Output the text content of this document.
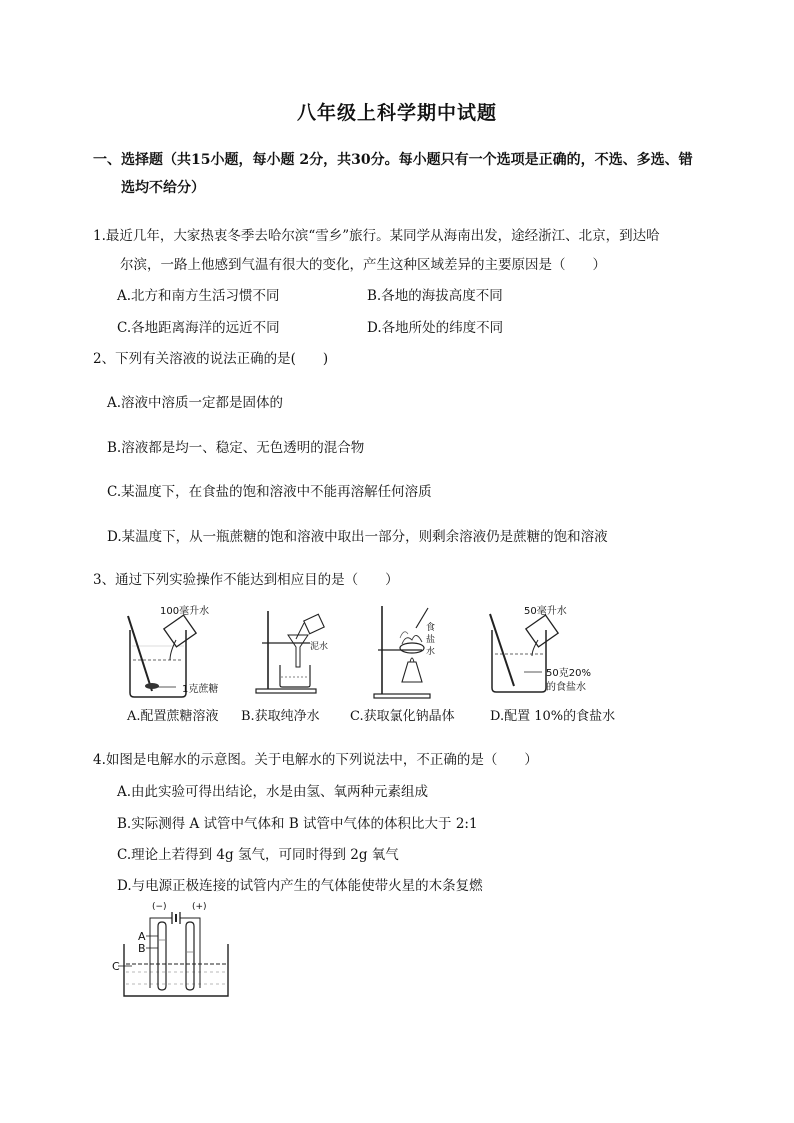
八年级上科学期中试题
一、选择题（共15小题，每小题 2分，共30分。每小题只有一个选项是正确的，不选、多选、错
选均不给分）
1.最近几年，大家热衷冬季去哈尔滨“雪乡”旅行。某同学从海南出发，途经浙江、北京，到达哈
尔滨，一路上他感到气温有很大的变化，产生这种区域差异的主要原因是（　　）
A.北方和南方生活习惯不同	B.各地的海拔高度不同
C.各地距离海洋的远近不同	D.各地所处的纬度不同
2、下列有关溶液的说法正确的是(　　)
A.溶液中溶质一定都是固体的
B.溶液都是均一、稳定、无色透明的混合物
C.某温度下，在食盐的饱和溶液中不能再溶解任何溶质
D.某温度下，从一瓶蔗糖的饱和溶液中取出一部分，则剩余溶液仍是蔗糖的饱和溶液
3、通过下列实验操作不能达到相应目的是（　　）
100毫升水
1克蔗糖
泥水
食
盐
水
50毫升水
50克20%
的食盐水
A.配置蔗糖溶液 B.获取纯净水 C.获取氯化钠晶体	D.配置 10%的食盐水
4.如图是电解水的示意图。关于电解水的下列说法中，不正确的是（　　）
A.由此实验可得出结论，水是由氢、氧两种元素组成
B.实际测得 A 试管中气体和 B 试管中气体的体积比大于 2:1
C.理论上若得到 4g 氢气，可同时得到 2g 氧气
D.与电源正极连接的试管内产生的气体能使带火星的木条复燃
(−)	(+)
A
B
C
